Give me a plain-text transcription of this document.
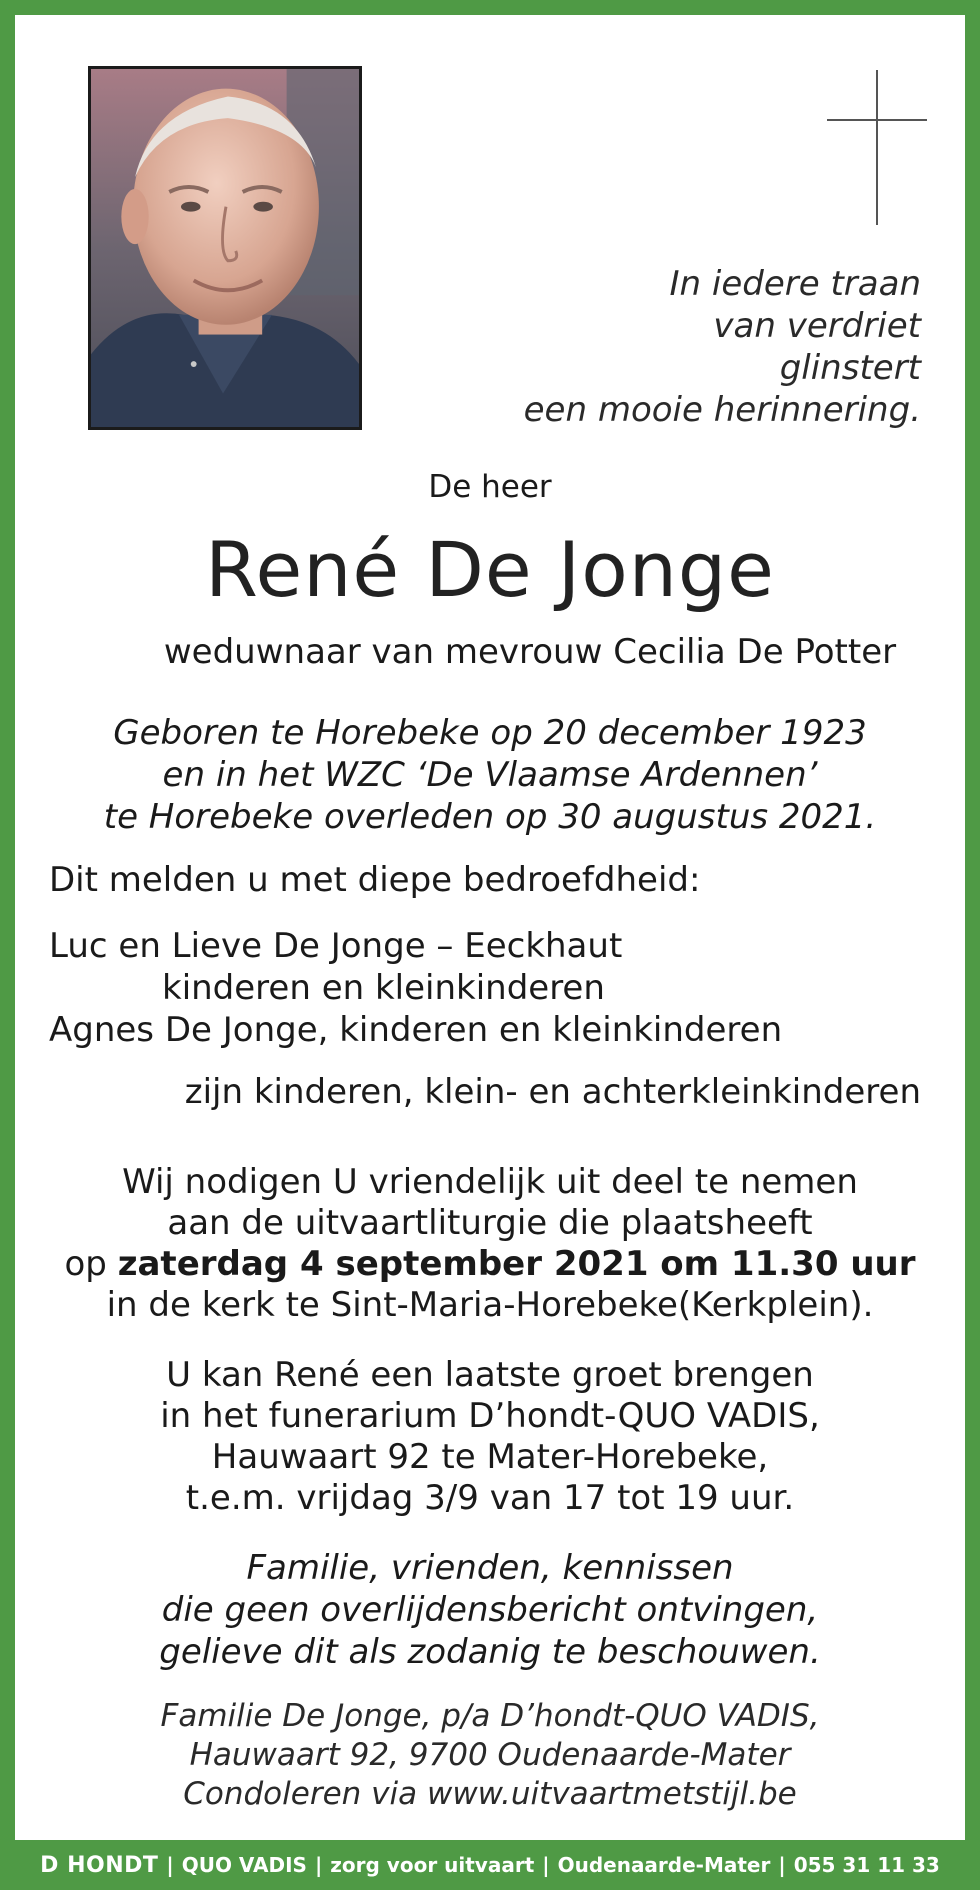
In iedere traan
van verdriet
glinstert
een mooie herinnering.
De heer
René De Jonge
weduwnaar van mevrouw Cecilia De Potter
Geboren te Horebeke op 20 december 1923
en in het WZC ‘De Vlaamse Ardennen’
te Horebeke overleden op 30 augustus 2021.
Dit melden u met diepe bedroefdheid:
Luc en Lieve De Jonge – Eeckhaut
kinderen en kleinkinderen
Agnes De Jonge, kinderen en kleinkinderen
zijn kinderen, klein- en achterkleinkinderen
Wij nodigen U vriendelijk uit deel te nemen
aan de uitvaartliturgie die plaatsheeft
op zaterdag 4 september 2021 om 11.30 uur
in de kerk te Sint-Maria-Horebeke(Kerkplein).
U kan René een laatste groet brengen
in het funerarium D’hondt-QUO VADIS,
Hauwaart 92 te Mater-Horebeke,
t.e.m. vrijdag 3/9 van 17 tot 19 uur.
Familie, vrienden, kennissen
die geen overlijdensbericht ontvingen,
gelieve dit als zodanig te beschouwen.
Familie De Jonge, p/a D’hondt-QUO VADIS,
Hauwaart 92, 9700 Oudenaarde-Mater
Condoleren via www.uitvaartmetstijl.be
D HONDT | QUO VADIS | zorg voor uitvaart | Oudenaarde-Mater | 055 31 11 33
